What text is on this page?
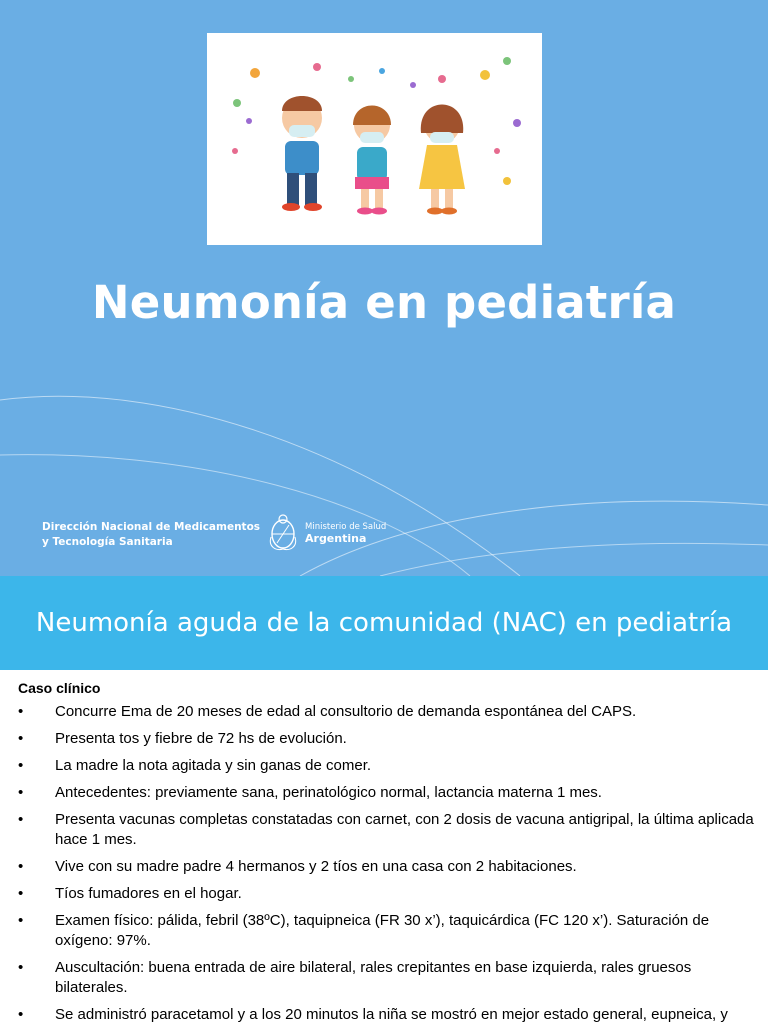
Neumonía en pediatría
Dirección Nacional de Medicamentos
y Tecnología Sanitaria
Ministerio de Salud
Argentina
Neumonía aguda de la comunidad (NAC) en pediatría
Caso clínico
• Concurre Ema de 20 meses de edad al consultorio de demanda espontánea del CAPS.
• Presenta tos y fiebre de 72 hs de evolución.
• La madre la nota agitada y sin ganas de comer.
• Antecedentes: previamente sana, perinatológico normal, lactancia materna 1 mes.
• Presenta vacunas completas constatadas con carnet, con 2 dosis de vacuna antigripal, la última aplicada hace 1 mes.
• Vive con su madre padre 4 hermanos y 2 tíos en una casa con 2 habitaciones.
• Tíos fumadores en el hogar.
• Examen físico: pálida, febril (38ºC), taquipneica (FR 30 x’), taquicárdica (FC 120 x’). Saturación de oxígeno: 97%.
• Auscultación: buena entrada de aire bilateral, rales crepitantes en base izquierda, rales gruesos bilaterales.
• Se administró paracetamol y a los 20 minutos la niña se mostró en mejor estado general, eupneica, y
